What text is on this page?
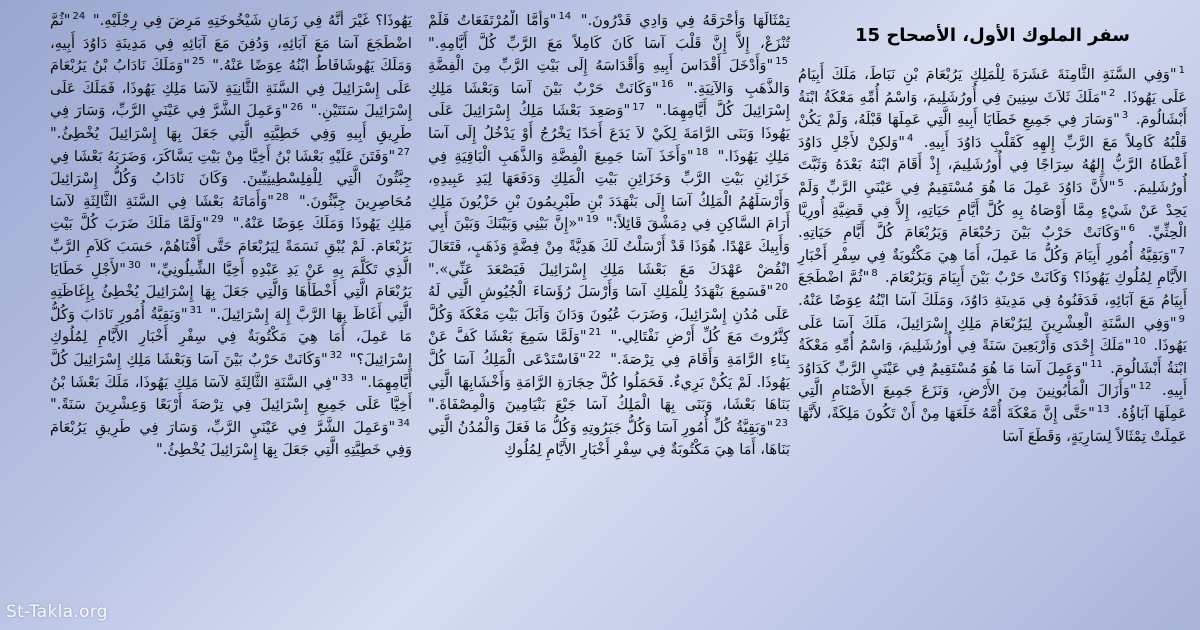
سفر الملوك الأول، الأصحاح 15
$^1$"وَفِي السَّنَةِ الثَّامِنَةَ عَشَرَةَ لِلْمَلِكِ يَرُبْعَامَ بْنِ نَبَاطَ، مَلَكَ أَبِيَامُ عَلَى يَهُوذَا. $^2$"مَلَكَ ثَلاَثَ سِنِينَ فِي أُورُشَلِيمَ، وَاسْمُ أُمِّهِ مَعْكَةُ ابْنَةُ أَبْشَالُومَ. $^3$"وَسَارَ فِي جَمِيعِ خَطَايَا أَبِيهِ الَّتِي عَمِلَهَا قَبْلَهُ، وَلَمْ يَكُنْ قَلْبُهُ كَامِلاً مَعَ الرَّبِّ إِلهِهِ كَقَلْبِ دَاوُدَ أَبِيهِ. $^4$"وَلكِنْ لأَجْلِ دَاوُدَ أَعْطَاهُ الرَّبُّ إِلهُهُ سِرَاجًا فِي أُورُشَلِيمَ، إِذْ أَقَامَ ابْنَهُ بَعْدَهُ وَثَبَّتَ أُورُشَلِيمَ. $^5$"لأَنَّ دَاوُدَ عَمِلَ مَا هُوَ مُسْتَقِيمٌ فِي عَيْنَيِ الرَّبِّ وَلَمْ يَحِدْ عَنْ شَيْءٍ مِمَّا أَوْصَاهُ بِهِ كُلَّ أَيَّامِ حَيَاتِهِ، إِلاَّ فِي قَضِيَّةِ أُورِيَّا الْحِثِّيِّ. $^6$"وَكَانَتْ حَرْبٌ بَيْنَ رَحُبْعَامَ وَيَرُبْعَامَ كُلَّ أَيَّامِ حَيَاتِهِ. $^7$"وَبَقِيَّةُ أُمُورِ أَبِيَامَ وَكُلُّ مَا عَمِلَ، أَمَا هِيَ مَكْتُوبَةٌ فِي سِفْرِ أَخْبَارِ الأَيَّامِ لِمُلُوكِ يَهُوذَا؟ وَكَانَتْ حَرْبٌ بَيْنَ أَبِيَامَ وَيَرُبْعَامَ. $^8$"ثُمَّ اضْطَجَعَ أَبِيَامُ مَعَ آبَائِهِ، فَدَفَنُوهُ فِي مَدِينَةِ دَاوُدَ، وَمَلَكَ آسَا ابْنُهُ عِوَضًا عَنْهُ. $^9$"وَفِي السَّنَةِ الْعِشْرِينَ لِيَرُبْعَامَ مَلِكِ إِسْرَائِيلَ، مَلَكَ آسَا عَلَى يَهُوذَا. $^{10}$"مَلَكَ إِحْدَى وَأَرْبَعِينَ سَنَةً فِي أُورُشَلِيمَ، وَاسْمُ أُمِّهِ مَعْكَةُ ابْنَةُ أَبْشَالُومَ. $^{11}$"وَعَمِلَ آسَا مَا هُوَ مُسْتَقِيمٌ فِي عَيْنَيِ الرَّبِّ كَدَاوُدَ أَبِيهِ. $^{12}$"وَأَزَالَ الْمَأْبُونِينَ مِنَ الأَرْضِ، وَنَزَعَ جَمِيعَ الأَصْنَامِ الَّتِي عَمِلَهَا آبَاؤُهُ. $^{13}$"حَتَّى إِنَّ مَعْكَةَ أُمَّهُ خَلَعَهَا مِنْ أَنْ تَكُونَ مَلِكَةً، لأَنَّهَا عَمِلَتْ تِمْثَالاً لِسَارِيَةٍ، وَقَطَعَ آسَا
تِمْثَالَهَا وَأَحْرَقَهُ فِي وَادِي قَدْرُونَ." $^{14}$"وَأَمَّا الْمُرْتَفَعَاتُ فَلَمْ تُنْزَعْ، إِلاَّ إِنَّ قَلْبَ آسَا كَانَ كَامِلاً مَعَ الرَّبِّ كُلَّ أَيَّامِهِ." $^{15}$"وَأَدْخَلَ أَقْدَاسَ أَبِيهِ وَأَقْدَاسَهُ إِلَى بَيْتِ الرَّبِّ مِنَ الْفِضَّةِ وَالذَّهَبِ وَالآنِيَةِ." $^{16}$"وَكَانَتْ حَرْبٌ بَيْنَ آسَا وَبَعْشَا مَلِكِ إِسْرَائِيلَ كُلَّ أَيَّامِهِمَا." $^{17}$"وَصَعِدَ بَعْشَا مَلِكُ إِسْرَائِيلَ عَلَى يَهُوذَا وَبَنَى الرَّامَةَ لِكَيْ لاَ يَدَعَ أَحَدًا يَخْرُجُ أَوْ يَدْخُلُ إِلَى آسَا مَلِكِ يَهُوذَا." $^{18}$"وَأَخَذَ آسَا جَمِيعَ الْفِضَّةِ وَالذَّهَبِ الْبَاقِيَةِ فِي خَزَائِنِ بَيْتِ الرَّبِّ وَخَزَائِنِ بَيْتِ الْمَلِكِ وَدَفَعَهَا لِيَدِ عَبِيدِهِ، وَأَرْسَلَهُمُ الْمَلِكُ آسَا إِلَى بَنْهَدَدَ بْنِ طَبْرِيمُونَ بْنِ حَزْيُونَ مَلِكِ أَرَامَ السَّاكِنِ فِي دِمَشْقَ قَائِلاً:" $^{19}$"«إِنَّ بَيْنِي وَبَيْنَكَ وَبَيْنَ أَبِي وَأَبِيكَ عَهْدًا. هُوَذَا قَدْ أَرْسَلْتُ لَكَ هَدِيَّةً مِنْ فِضَّةٍ وَذَهَبٍ، فَتَعَالَ انْقُضْ عَهْدَكَ مَعَ بَعْشَا مَلِكِ إِسْرَائِيلَ فَيَصْعَدَ عَنِّي»." $^{20}$"فَسَمِعَ بَنْهَدَدُ لِلْمَلِكِ آسَا وَأَرْسَلَ رُؤَسَاءَ الْجُيُوشِ الَّتِي لَهُ عَلَى مُدُنِ إِسْرَائِيلَ، وَضَرَبَ عُيُونَ وَدَانَ وَآبَلَ بَيْتِ مَعْكَةَ وَكُلَّ كِنَّرُوتَ مَعَ كُلِّ أَرْضِ نَفْتَالِي." $^{21}$"وَلَمَّا سَمِعَ بَعْشَا كَفَّ عَنْ بِنَاءِ الرَّامَةِ وَأَقَامَ فِي تِرْصَةَ." $^{22}$"فَاسْتَدْعَى الْمَلِكُ آسَا كُلَّ يَهُوذَا. لَمْ يَكُنْ بَرِيءٌ. فَحَمَلُوا كُلَّ حِجَارَةِ الرَّامَةِ وَأَخْشَابِهَا الَّتِي بَنَاهَا بَعْشَا، وَبَنَى بِهَا الْمَلِكُ آسَا جَبْعَ بَنْيَامِينَ وَالْمِصْفَاةَ." $^{23}$"وَبَقِيَّةُ كُلِّ أُمُورِ آسَا وَكُلُّ جَبَرُوتِهِ وَكُلُّ مَا فَعَلَ وَالْمُدُنُ الَّتِي بَنَاهَا، أَمَا هِيَ مَكْتُوبَةٌ فِي سِفْرِ أَخْبَارِ الأَيَّامِ لِمُلُوكِ
يَهُوذَا؟ غَيْرَ أَنَّهُ فِي زَمَانِ شَيْخُوخَتِهِ مَرِضَ فِي رِجْلَيْهِ." $^{24}$"ثُمَّ اضْطَجَعَ آسَا مَعَ آبَائِهِ، وَدُفِنَ مَعَ آبَائِهِ فِي مَدِينَةِ دَاوُدَ أَبِيهِ، وَمَلَكَ يَهُوشَافَاطُ ابْنُهُ عِوَضًا عَنْهُ." $^{25}$"وَمَلَكَ نَادَابُ بْنُ يَرُبْعَامَ عَلَى إِسْرَائِيلَ فِي السَّنَةِ الثَّانِيَةِ لآسَا مَلِكِ يَهُوذَا، فَمَلَكَ عَلَى إِسْرَائِيلَ سَنَتَيْنِ." $^{26}$"وَعَمِلَ الشَّرَّ فِي عَيْنَيِ الرَّبِّ، وَسَارَ فِي طَرِيقِ أَبِيهِ وَفِي خَطِيَّتِهِ الَّتِي جَعَلَ بِهَا إِسْرَائِيلَ يُخْطِئُ." $^{27}$"وَفَتَنَ عَلَيْهِ بَعْشَا بْنُ أَخِيَّا مِنْ بَيْتِ يَسَّاكَرَ، وَضَرَبَهُ بَعْشَا فِي جِبَّثُونَ الَّتِي لِلْفِلِسْطِينِيِّينَ. وَكَانَ نَادَابُ وَكُلُّ إِسْرَائِيلَ مُحَاصِرِينَ جِبَّثُونَ." $^{28}$"وَأَمَاتَهُ بَعْشَا فِي السَّنَةِ الثَّالِثَةِ لآسَا مَلِكِ يَهُوذَا وَمَلَكَ عِوَضًا عَنْهُ." $^{29}$"وَلَمَّا مَلَكَ ضَرَبَ كُلَّ بَيْتِ يَرُبْعَامَ. لَمْ يُبْقِ نَسَمَةً لِيَرُبْعَامَ حَتَّى أَفْنَاهُمْ، حَسَبَ كَلاَمِ الرَّبِّ الَّذِي تَكَلَّمَ بِهِ عَنْ يَدِ عَبْدِهِ أَخِيَّا الشِّيلُونِيِّ،" $^{30}$"لأَجْلِ خَطَايَا يَرُبْعَامَ الَّتِي أَخْطَأَهَا وَالَّتِي جَعَلَ بِهَا إِسْرَائِيلَ يُخْطِئُ بِإِغَاظَتِهِ الَّتِي أَغَاظَ بِهَا الرَّبَّ إِلهَ إِسْرَائِيلَ." $^{31}$"وَبَقِيَّةُ أُمُورِ نَادَابَ وَكُلُّ مَا عَمِلَ، أَمَا هِيَ مَكْتُوبَةٌ فِي سِفْرِ أَخْبَارِ الأَيَّامِ لِمُلُوكِ إِسْرَائِيلَ؟" $^{32}$"وَكَانَتْ حَرْبٌ بَيْنَ آسَا وَبَعْشَا مَلِكِ إِسْرَائِيلَ كُلَّ أَيَّامِهِمَا." $^{33}$"فِي السَّنَةِ الثَّالِثَةِ لآسَا مَلِكِ يَهُوذَا، مَلَكَ بَعْشَا بْنُ أَخِيَّا عَلَى جَمِيعِ إِسْرَائِيلَ فِي تِرْصَةَ أَرْبَعًا وَعِشْرِينَ سَنَةً." $^{34}$"وَعَمِلَ الشَّرَّ فِي عَيْنَيِ الرَّبِّ، وَسَارَ فِي طَرِيقِ يَرُبْعَامَ وَفِي خَطِيَّتِهِ الَّتِي جَعَلَ بِهَا إِسْرَائِيلَ يُخْطِئُ."
St-Takla.org
